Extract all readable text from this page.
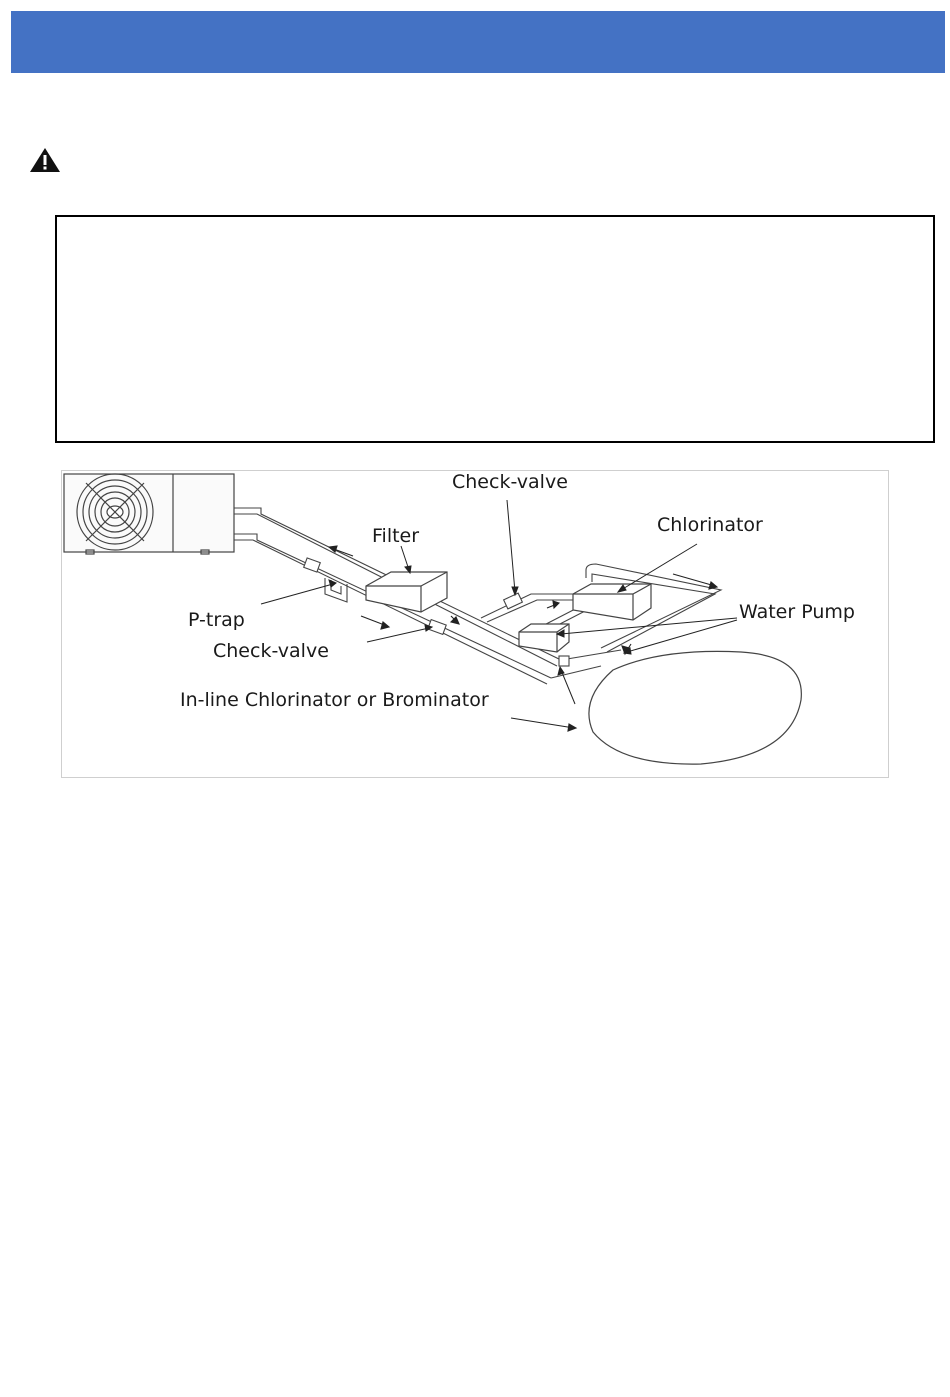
Check-valve
Chlorinator
Filter
Water Pump
P-trap
Check-valve
In-line Chlorinator or Brominator
